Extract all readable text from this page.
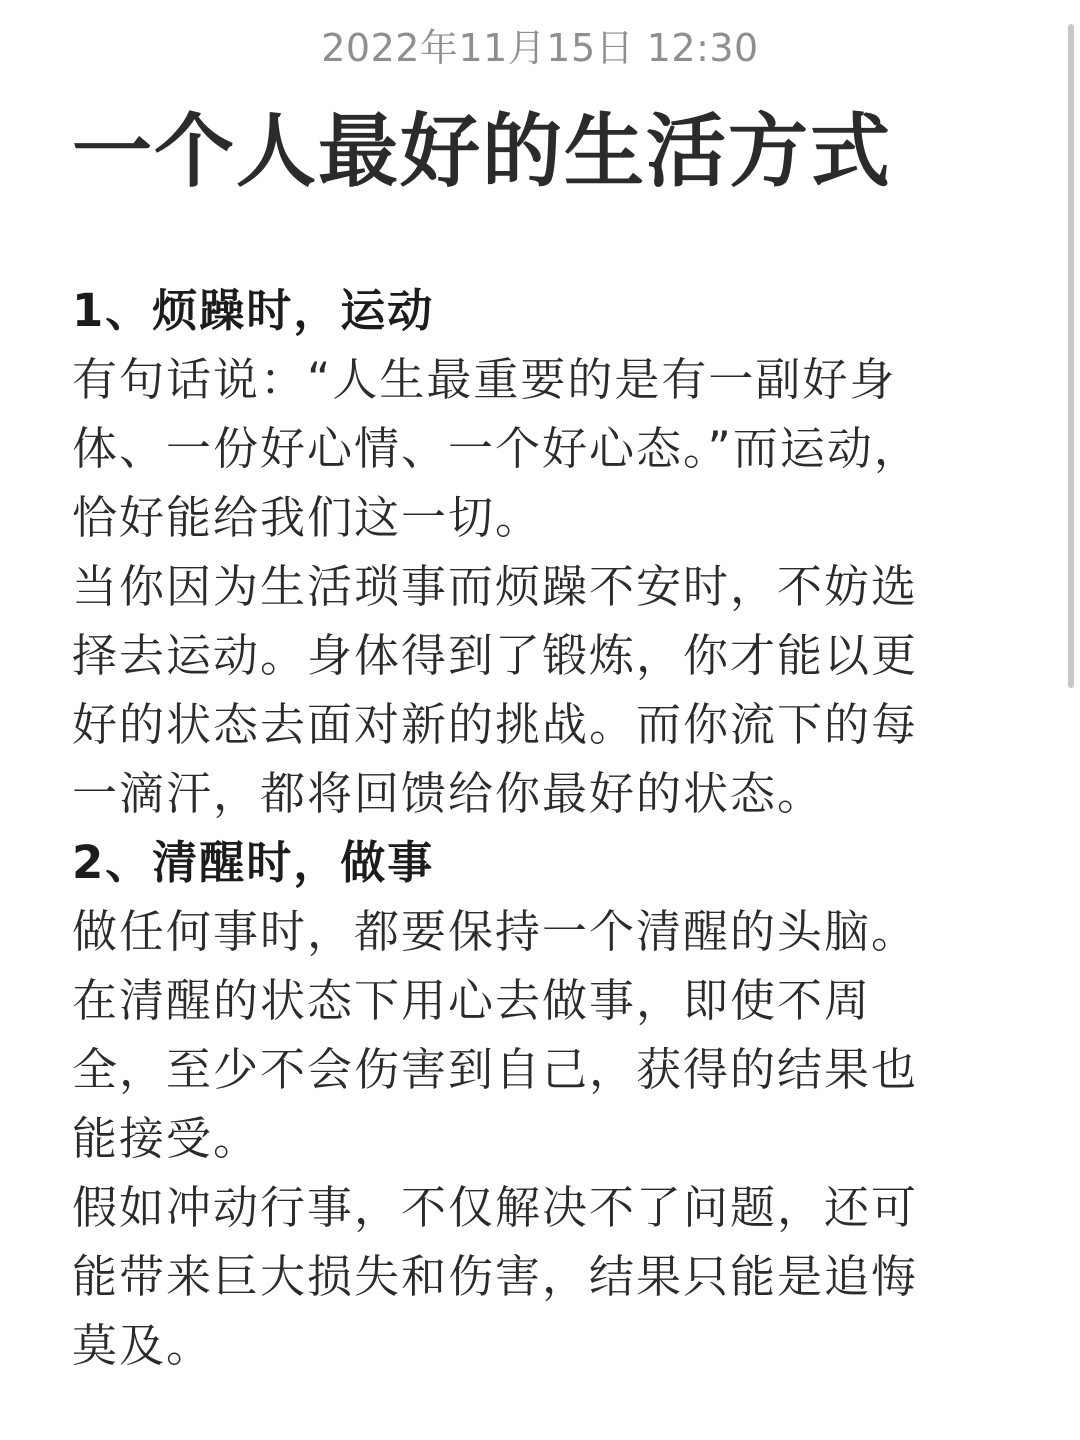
2022年11月15日 12:30
一个人最好的生活方式
1、烦躁时，运动
有句话说：“人生最重要的是有一副好身
体、一份好心情、一个好心态。”而运动，
恰好能给我们这一切。
当你因为生活琐事而烦躁不安时，不妨选
择去运动。身体得到了锻炼，你才能以更
好的状态去面对新的挑战。而你流下的每
一滴汗，都将回馈给你最好的状态。
2、清醒时，做事
做任何事时，都要保持一个清醒的头脑。
在清醒的状态下用心去做事，即使不周
全，至少不会伤害到自己，获得的结果也
能接受。
假如冲动行事，不仅解决不了问题，还可
能带来巨大损失和伤害，结果只能是追悔
莫及。
